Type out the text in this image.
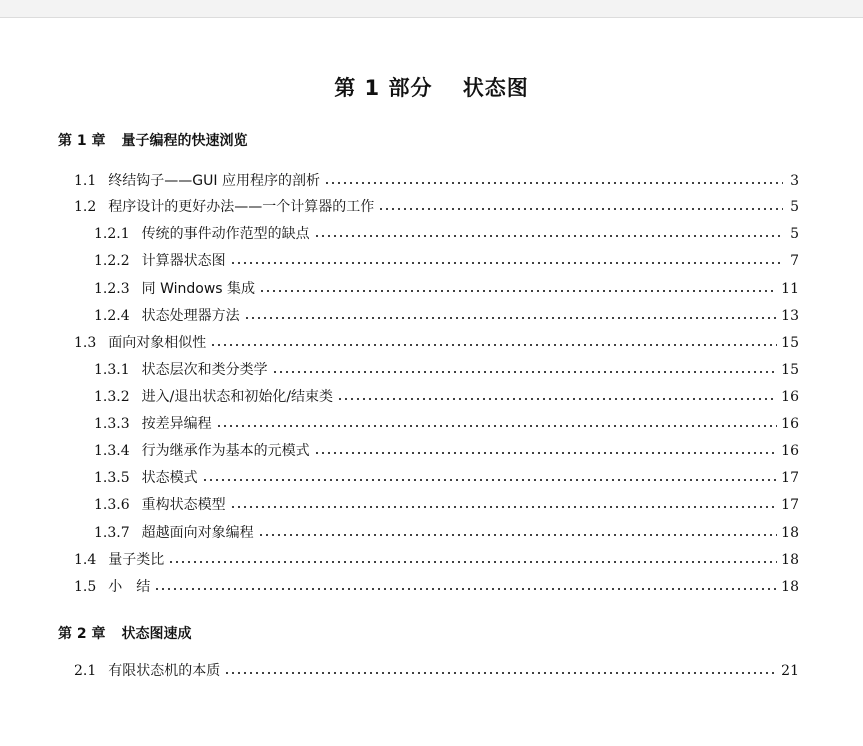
第 1 部分　 状态图
第 1 章 量子编程的快速浏览
1.1 终结钩子——GUI 应用程序的剖析	3
1.2 程序设计的更好办法——一个计算器的工作	5
1.2.1 传统的事件动作范型的缺点	5
1.2.2 计算器状态图	7
1.2.3 同 Windows 集成	11
1.2.4 状态处理器方法	13
1.3 面向对象相似性	15
1.3.1 状态层次和类分类学	15
1.3.2 进入/退出状态和初始化/结束类	16
1.3.3 按差异编程	16
1.3.4 行为继承作为基本的元模式	16
1.3.5 状态模式	17
1.3.6 重构状态模型	17
1.3.7 超越面向对象编程	18
1.4 量子类比	18
1.5 小　结	18
第 2 章 状态图速成
2.1 有限状态机的本质	21
